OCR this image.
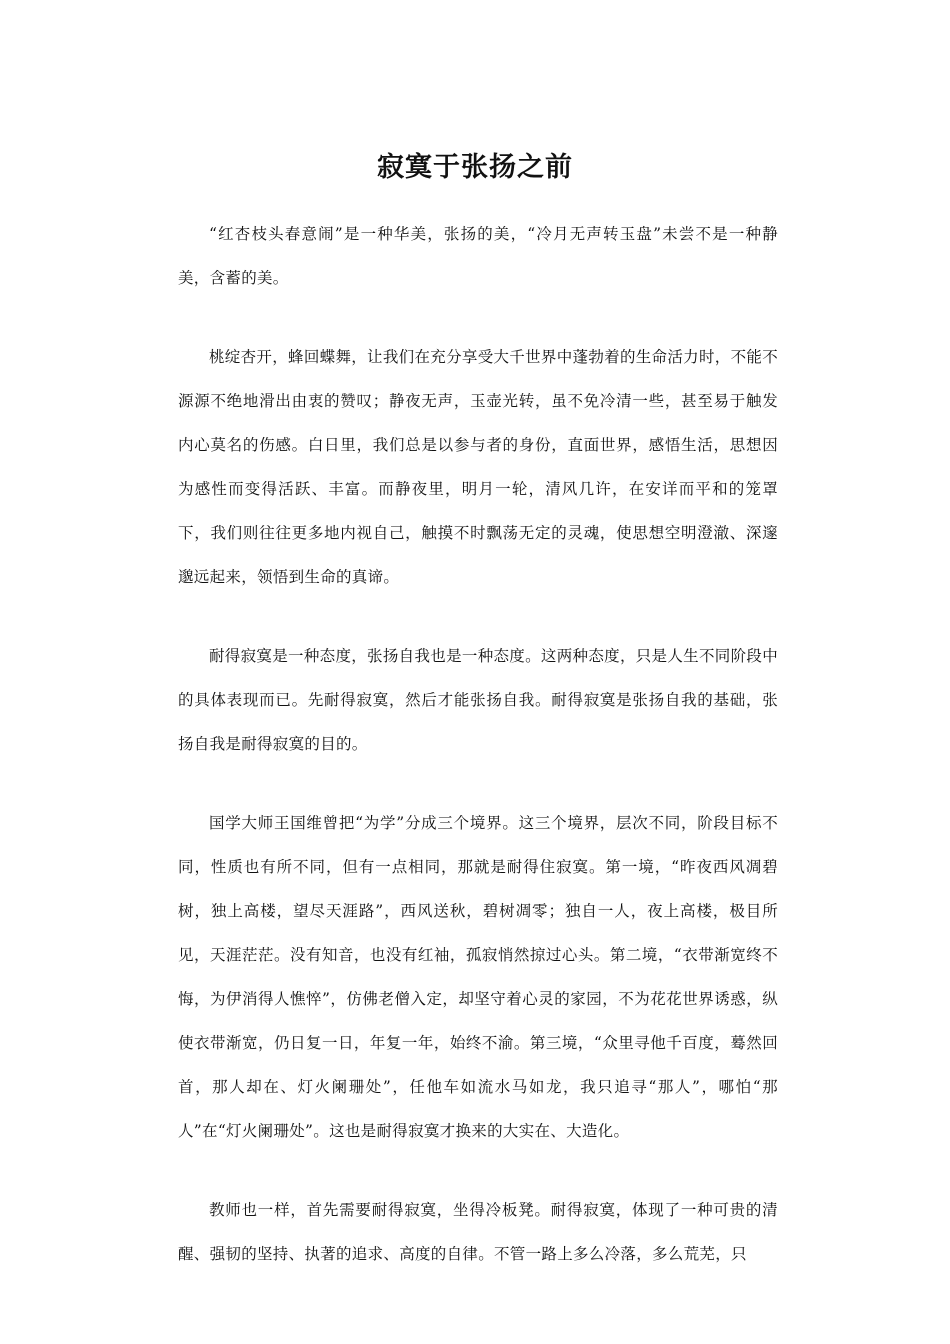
寂寞于张扬之前

“红杏枝头春意闹”是一种华美，张扬的美，“冷月无声转玉盘”未尝不是一种静美，含蓄的美。

桃绽杏开，蜂回蝶舞，让我们在充分享受大千世界中蓬勃着的生命活力时，不能不源源不绝地滑出由衷的赞叹；静夜无声，玉壶光转，虽不免冷清一些，甚至易于触发内心莫名的伤感。白日里，我们总是以参与者的身份，直面世界，感悟生活，思想因为感性而变得活跃、丰富。而静夜里，明月一轮，清风几许，在安详而平和的笼罩下，我们则往往更多地内视自己，触摸不时飘荡无定的灵魂，使思想空明澄澈、深邃邈远起来，领悟到生命的真谛。

耐得寂寞是一种态度，张扬自我也是一种态度。这两种态度，只是人生不同阶段中的具体表现而已。先耐得寂寞，然后才能张扬自我。耐得寂寞是张扬自我的基础，张扬自我是耐得寂寞的目的。

国学大师王国维曾把“为学”分成三个境界。这三个境界，层次不同，阶段目标不同，性质也有所不同，但有一点相同，那就是耐得住寂寞。第一境，“昨夜西风凋碧树，独上高楼，望尽天涯路”，西风送秋，碧树凋零；独自一人，夜上高楼，极目所见，天涯茫茫。没有知音，也没有红袖，孤寂悄然掠过心头。第二境，“衣带渐宽终不悔，为伊消得人憔悴”，仿佛老僧入定，却坚守着心灵的家园，不为花花世界诱惑，纵使衣带渐宽，仍日复一日，年复一年，始终不渝。第三境，“众里寻他千百度，蓦然回首，那人却在、灯火阑珊处”，任他车如流水马如龙，我只追寻“那人”，哪怕“那人”在“灯火阑珊处”。这也是耐得寂寞才换来的大实在、大造化。

教师也一样，首先需要耐得寂寞，坐得冷板凳。耐得寂寞，体现了一种可贵的清醒、强韧的坚持、执著的追求、高度的自律。不管一路上多么冷落，多么荒芜，只
